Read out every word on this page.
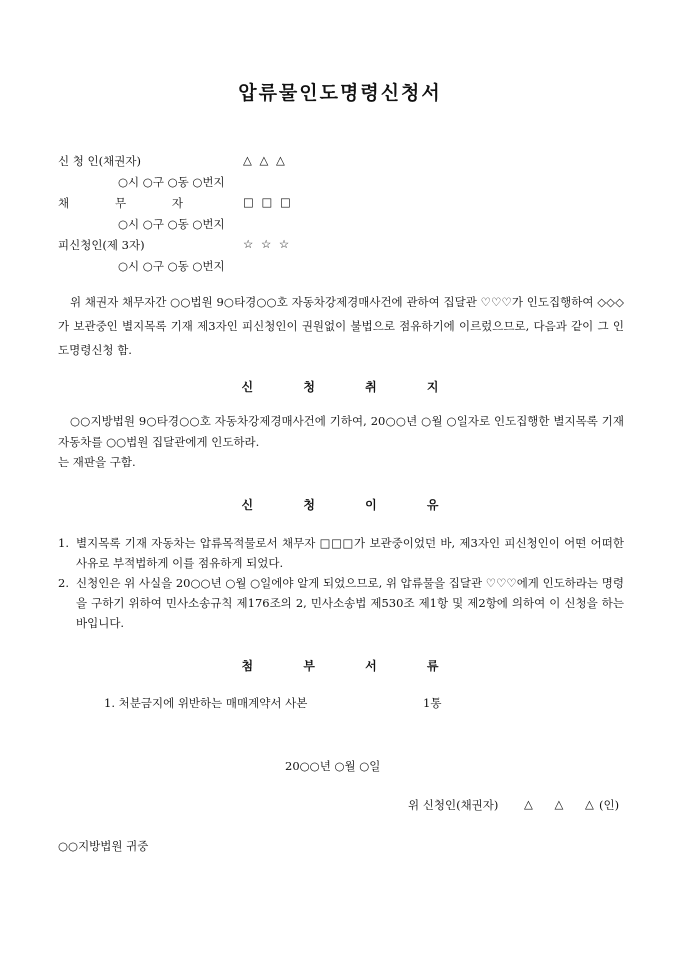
압류물인도명령신청서
신 청 인(채권자)	△ △ △
○시 ○구 ○동 ○번지
채	무	자	□ □ □
○시 ○구 ○동 ○번지
피신청인(제 3자)	☆ ☆ ☆
○시 ○구 ○동 ○번지
위 채권자 채무자간 ○○법원 9○타경○○호 자동차강제경매사건에 관하여 집달관 ♡♡♡가 인도집행하여 ◇◇◇가 보관중인 별지목록 기재 제3자인 피신청인이 권원없이 불법으로 점유하기에 이르렀으므로, 다음과 같이 그 인도명령신청 함.
신	청	취	지
○○지방법원 9○타경○○호 자동차강제경매사건에 기하여, 20○○년 ○월 ○일자로 인도집행한 별지목록 기재 자동차를 ○○법원 집달관에게 인도하라.
는 재판을 구함.
신	청	이	유
1. 별지목록 기재 자동차는 압류목적물로서 채무자 □□□가 보관중이었던 바, 제3자인 피신청인이 어떤 어떠한 사유로 부적법하게 이를 점유하게 되었다.
2. 신청인은 위 사실을 20○○년 ○월 ○일에야 알게 되었으므로, 위 압류물을 집달관 ♡♡♡에게 인도하라는 명령을 구하기 위하여 민사소송규칙 제176조의 2, 민사소송법 제530조 제1항 및 제2항에 의하여 이 신청을 하는 바입니다.
첨	부	서	류
1. 처분금지에 위반하는 매매계약서 사본	1통
20○○년 ○월 ○일
위 신청인(채권자) △ △ △
(인)
○○지방법원 귀중
